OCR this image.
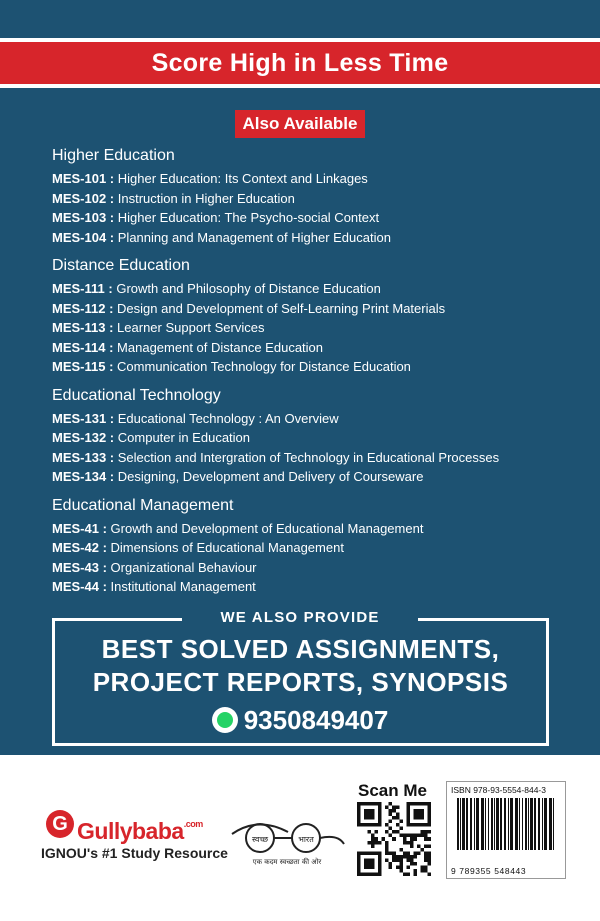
Score High in Less Time
Also Available
Higher Education
MES-101 : Higher Education: Its Context and Linkages
MES-102 : Instruction in Higher Education
MES-103 : Higher Education: The Psycho-social Context
MES-104 : Planning and Management of Higher Education
Distance Education
MES-111 : Growth and Philosophy of Distance Education
MES-112 : Design and Development of Self-Learning Print Materials
MES-113 : Learner Support Services
MES-114 : Management of Distance Education
MES-115 : Communication Technology for Distance Education
Educational Technology
MES-131 : Educational Technology : An Overview
MES-132 : Computer in Education
MES-133 : Selection and Intergration of Technology in Educational Processes
MES-134 : Designing, Development and Delivery of Courseware
Educational Management
MES-41 : Growth and Development of Educational Management
MES-42 : Dimensions of Educational Management
MES-43 : Organizational Behaviour
MES-44 : Institutional Management
WE ALSO PROVIDE
BEST SOLVED ASSIGNMENTS,
PROJECT REPORTS, SYNOPSIS
9350849407
G Gullybaba$^{.com}$
IGNOU's #1 Study Resource
स्वच्छ	भारत
एक कदम स्वच्छता की ओर
Scan Me	ISBN 978-93-5554-844-3
9 789355 548443
